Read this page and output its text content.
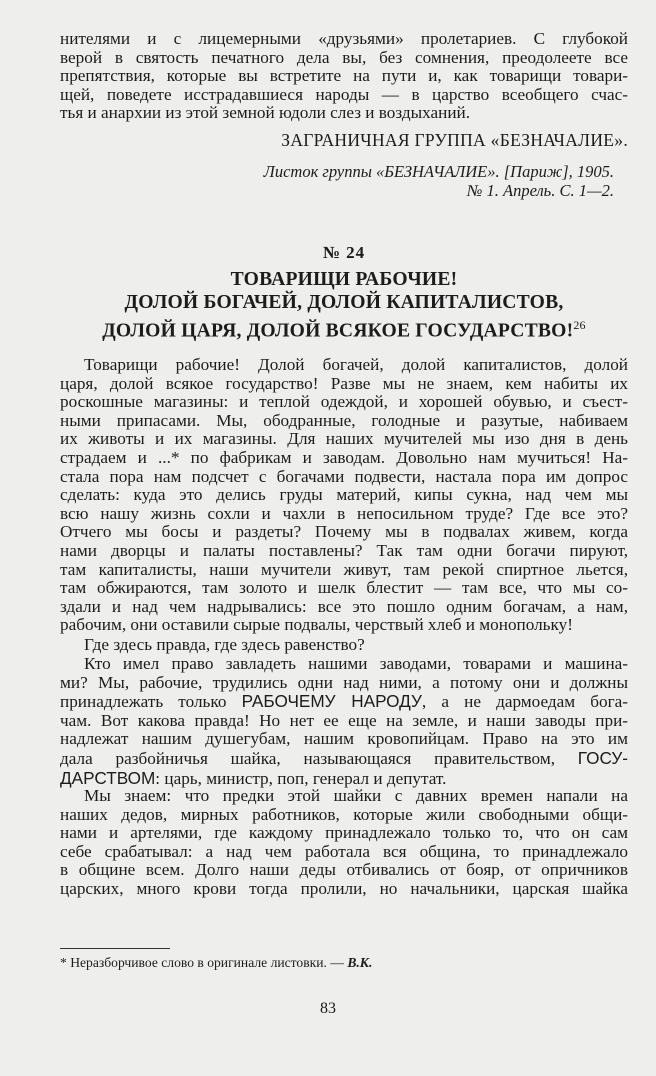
нителями и с лицемерными «друзьями» пролетариев. С глубокой
верой в святость печатного дела вы, без сомнения, преодолеете все
препятствия, которые вы встретите на пути и, как товарищи товари-
щей, поведете исстрадавшиеся народы — в царство всеобщего счас-
тья и анархии из этой земной юдоли слез и воздыханий.
ЗАГРАНИЧНАЯ ГРУППА «БЕЗНАЧАЛИЕ».
Листок группы «БЕЗНАЧАЛИЕ». [Париж], 1905.
№ 1. Апрель. С. 1—2.
№ 24
ТОВАРИЩИ РАБОЧИЕ!
ДОЛОЙ БОГАЧЕЙ, ДОЛОЙ КАПИТАЛИСТОВ,
ДОЛОЙ ЦАРЯ, ДОЛОЙ ВСЯКОЕ ГОСУДАРСТВО!$^{26}$
Товарищи рабочие! Долой богачей, долой капиталистов, долой
царя, долой всякое государство! Разве мы не знаем, кем набиты их
роскошные магазины: и теплой одеждой, и хорошей обувью, и съест-
ными припасами. Мы, ободранные, голодные и разутые, набиваем
их животы и их магазины. Для наших мучителей мы изо дня в день
страдаем и ...* по фабрикам и заводам. Довольно нам мучиться! На-
стала пора нам подсчет с богачами подвести, настала пора им допрос
сделать: куда это делись груды материй, кипы сукна, над чем мы
всю нашу жизнь сохли и чахли в непосильном труде? Где все это?
Отчего мы босы и раздеты? Почему мы в подвалах живем, когда
нами дворцы и палаты поставлены? Так там одни богачи пируют,
там капиталисты, наши мучители живут, там рекой спиртное льется,
там обжираются, там золото и шелк блестит — там все, что мы со-
здали и над чем надрывались: все это пошло одним богачам, а нам,
рабочим, они оставили сырые подвалы, черствый хлеб и монопольку!
Где здесь правда, где здесь равенство?
Кто имел право завладеть нашими заводами, товарами и машина-
ми? Мы, рабочие, трудились одни над ними, а потому они и должны
принадлежать только РАБОЧЕМУ НАРОДУ, а не дармоедам бога-
чам. Вот какова правда! Но нет ее еще на земле, и наши заводы при-
надлежат нашим душегубам, нашим кровопийцам. Право на это им
дала разбойничья шайка, называющаяся правительством, ГОСУ-
ДАРСТВОМ: царь, министр, поп, генерал и депутат.
Мы знаем: что предки этой шайки с давних времен напали на
наших дедов, мирных работников, которые жили свободными общи-
нами и артелями, где каждому принадлежало только то, что он сам
себе срабатывал: а над чем работала вся община, то принадлежало
в общине всем. Долго наши деды отбивались от бояр, от опричников
царских, много крови тогда пролили, но начальники, царская шайка
* Неразборчивое слово в оригинале листовки. — В.К.
83
